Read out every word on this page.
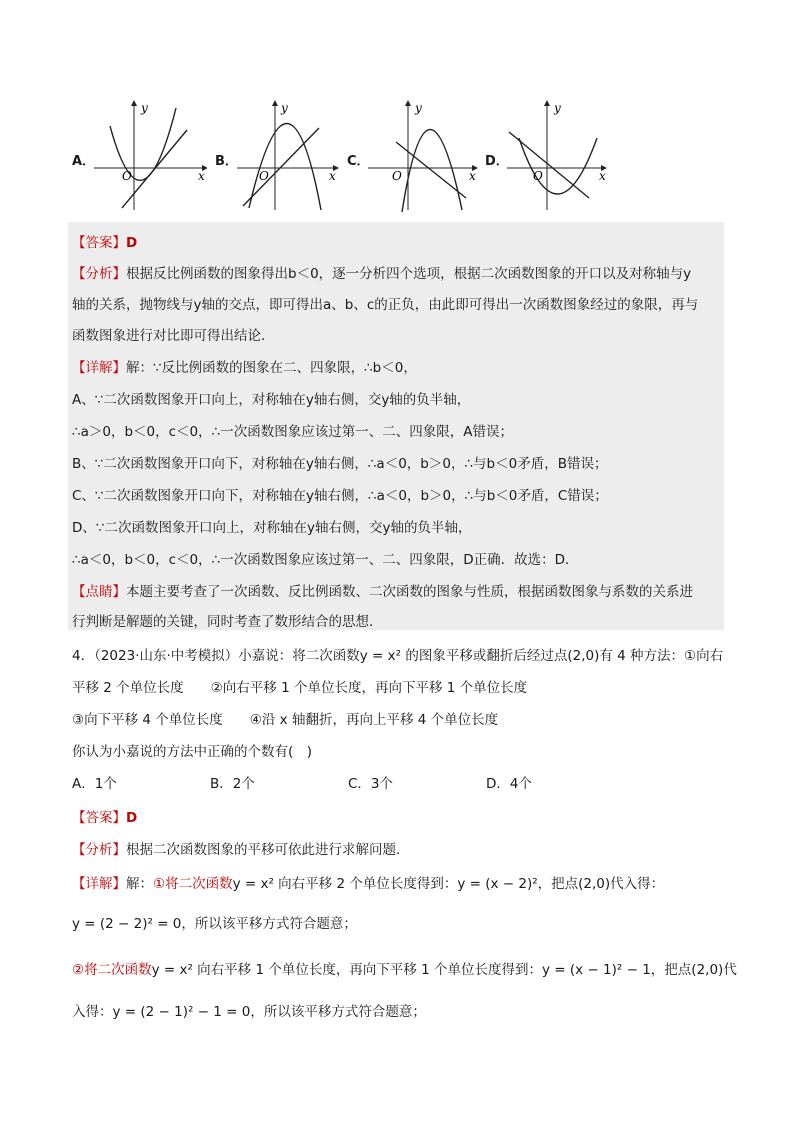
A．
x
y
O
B．
x
y
O
C．
x
y
O
D．
x
y
O
【答案】D
【分析】根据反比例函数的图象得出b＜0，逐一分析四个选项，根据二次函数图象的开口以及对称轴与y
轴的关系，抛物线与y轴的交点，即可得出a、b、c的正负，由此即可得出一次函数图象经过的象限，再与
函数图象进行对比即可得出结论．
【详解】解：∵反比例函数的图象在二、四象限，∴b＜0，
A、∵二次函数图象开口向上，对称轴在y轴右侧，交y轴的负半轴，
∴a＞0，b＜0，c＜0，∴一次函数图象应该过第一、二、四象限，A错误；
B、∵二次函数图象开口向下，对称轴在y轴右侧，∴a＜0，b＞0，∴与b＜0矛盾，B错误；
C、∵二次函数图象开口向下，对称轴在y轴右侧，∴a＜0，b＞0，∴与b＜0矛盾，C错误；
D、∵二次函数图象开口向上，对称轴在y轴右侧，交y轴的负半轴，
∴a＜0，b＜0，c＜0，∴一次函数图象应该过第一、二、四象限，D正确．故选：D．
【点睛】本题主要考查了一次函数、反比例函数、二次函数的图象与性质，根据函数图象与系数的关系进
行判断是解题的关键，同时考查了数形结合的思想．
4．（2023·山东·中考模拟）小嘉说：将二次函数y = x² 的图象平移或翻折后经过点(2,0)有 4 种方法：①向右
平移 2 个单位长度　　②向右平移 1 个单位长度，再向下平移 1 个单位长度
③向下平移 4 个单位长度　　④沿 x 轴翻折，再向上平移 4 个单位长度
你认为小嘉说的方法中正确的个数有(　)
A．1个	B．2个	C．3个	D．4个
【答案】D
【分析】根据二次函数图象的平移可依此进行求解问题．
【详解】解：①将二次函数y = x² 向右平移 2 个单位长度得到：y = (x − 2)²，把点(2,0)代入得：
y = (2 − 2)² = 0，所以该平移方式符合题意；
②将二次函数y = x² 向右平移 1 个单位长度，再向下平移 1 个单位长度得到：y = (x − 1)² − 1，把点(2,0)代
入得：y = (2 − 1)² − 1 = 0，所以该平移方式符合题意；
